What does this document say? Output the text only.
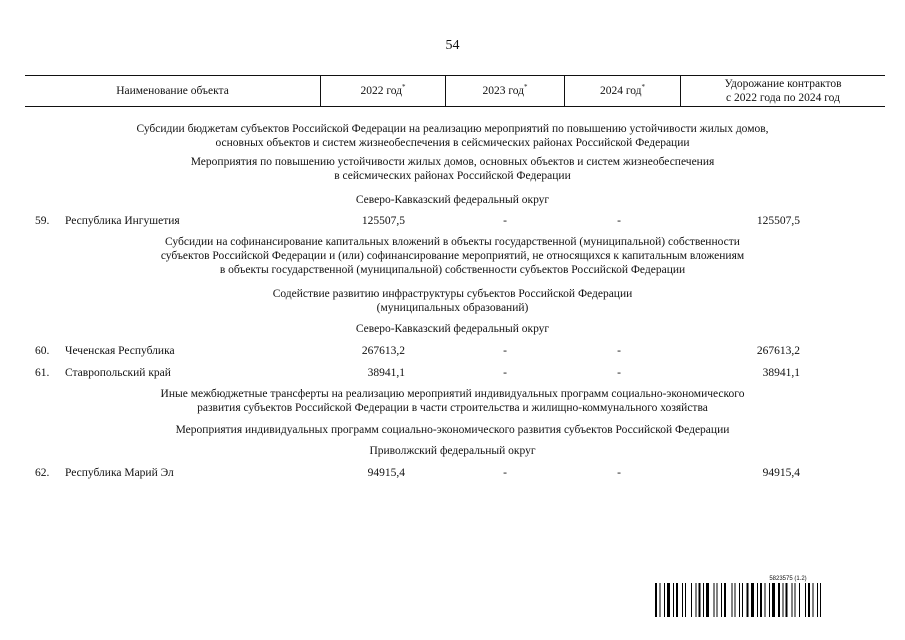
54
Наименование объекта	2022 год*	2023 год*	2024 год*	Удорожание контрактов
с 2022 года по 2024 год
Субсидии бюджетам субъектов Российской Федерации на реализацию мероприятий по повышению устойчивости жилых домов,
основных объектов и систем жизнеобеспечения в сейсмических районах Российской Федерации
Мероприятия по повышению устойчивости жилых домов, основных объектов и систем жизнеобеспечения
в сейсмических районах Российской Федерации
Северо-Кавказский федеральный округ
59. Республика Ингушетия	125507,5	-	-	125507,5
Субсидии на софинансирование капитальных вложений в объекты государственной (муниципальной) собственности
субъектов Российской Федерации и (или) софинансирование мероприятий, не относящихся к капитальным вложениям
в объекты государственной (муниципальной) собственности субъектов Российской Федерации
Содействие развитию инфраструктуры субъектов Российской Федерации
(муниципальных образований)
Северо-Кавказский федеральный округ
60. Чеченская Республика	267613,2	-	-	267613,2
61. Ставропольский край	38941,1	-	-	38941,1
Иные межбюджетные трансферты на реализацию мероприятий индивидуальных программ социально-экономического
развития субъектов Российской Федерации в части строительства и жилищно-коммунального хозяйства
Мероприятия индивидуальных программ социально-экономического развития субъектов Российской Федерации
Приволжский федеральный округ
62. Республика Марий Эл	94915,4	-	-	94915,4
5823575 (1.2)
